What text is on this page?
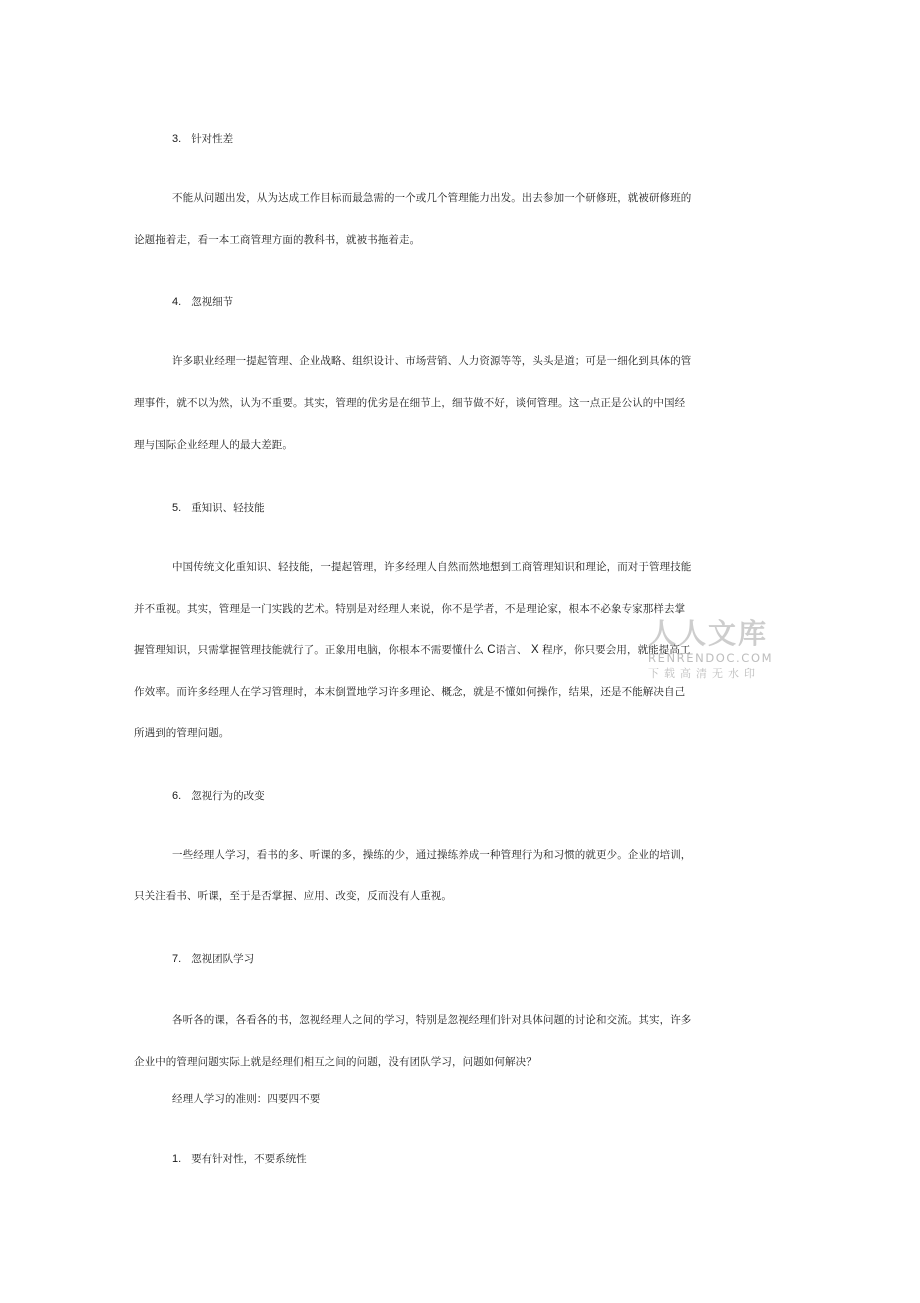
3. 针对性差
不能从问题出发，从为达成工作目标而最急需的一个或几个管理能力出发。出去参加一个研修班，就被研修班的
论题拖着走，看一本工商管理方面的教科书，就被书拖着走。
4. 忽视细节
许多职业经理一提起管理、企业战略、组织设计、市场营销、人力资源等等，头头是道；可是一细化到具体的管
理事件，就不以为然，认为不重要。其实，管理的优劣是在细节上，细节做不好，谈何管理。这一点正是公认的中国经
理与国际企业经理人的最大差距。
5. 重知识、轻技能
中国传统文化重知识、轻技能，一提起管理，许多经理人自然而然地想到工商管理知识和理论，而对于管理技能
并不重视。其实，管理是一门实践的艺术。特别是对经理人来说，你不是学者，不是理论家，根本不必象专家那样去掌
握管理知识，只需掌握管理技能就行了。正象用电脑，你根本不需要懂什么 C语言、 X 程序，你只要会用，就能提高工
作效率。而许多经理人在学习管理时，本末倒置地学习许多理论、概念，就是不懂如何操作，结果，还是不能解决自己
所遇到的管理问题。
6. 忽视行为的改变
一些经理人学习，看书的多、听课的多，操练的少，通过操练养成一种管理行为和习惯的就更少。企业的培训，
只关注看书、听课，至于是否掌握、应用、改变，反而没有人重视。
7. 忽视团队学习
各听各的课，各看各的书，忽视经理人之间的学习，特别是忽视经理们针对具体问题的讨论和交流。其实，许多
企业中的管理问题实际上就是经理们相互之间的问题，没有团队学习，问题如何解决？
经理人学习的准则：四要四不要
1. 要有针对性，不要系统性
人人文库
RENRENDOC.COM
下载高清无水印
